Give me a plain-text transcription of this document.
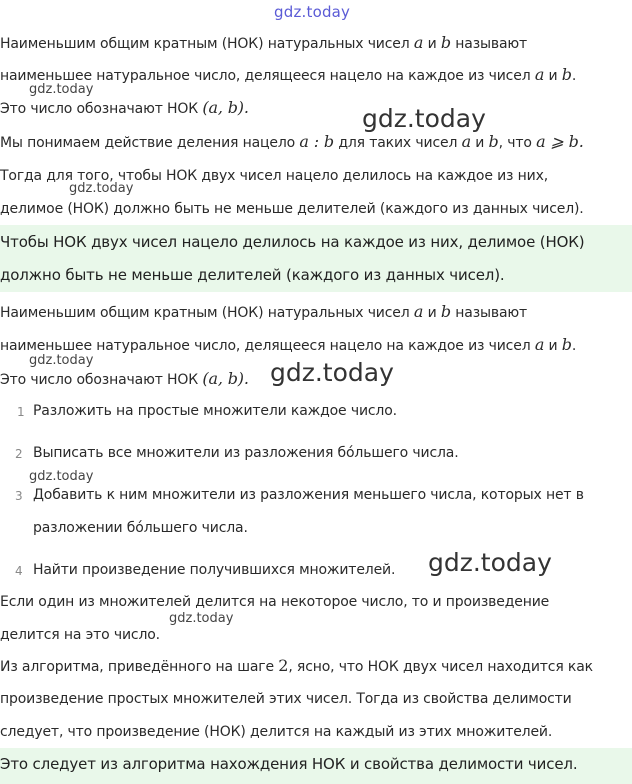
gdz.today
Наименьшим общим кратным (НОК) натуральных чисел a и b называют
наименьшее натуральное число, делящееся нацело на каждое из чисел a и b.
gdz.today
Это число обозначают НОК (a, b).	gdz.today
Мы понимаем действие деления нацело a : b для таких чисел a и b, что a ⩾ b.
Тогда для того, чтобы НОК двух чисел нацело делилось на каждое из них,
gdz.today
делимое (НОК) должно быть не меньше делителей (каждого из данных чисел).
Чтобы НОК двух чисел нацело делилось на каждое из них, делимое (НОК)
должно быть не меньше делителей (каждого из данных чисел).
Наименьшим общим кратным (НОК) натуральных чисел a и b называют
наименьшее натуральное число, делящееся нацело на каждое из чисел a и b.
gdz.today
Это число обозначают НОК (a, b). gdz.today
1 Разложить на простые множители каждое число.
2 Выписать все множители из разложения бóльшего числа.
gdz.today
3 Добавить к ним множители из разложения меньшего числа, которых нет в
разложении бóльшего числа.
4 Найти произведение получившихся множителей. gdz.today
Если один из множителей делится на некоторое число, то и произведение
gdz.today
делится на это число.
Из алгоритма, приведённого на шаге 2, ясно, что НОК двух чисел находится как
произведение простых множителей этих чисел. Тогда из свойства делимости
следует, что произведение (НОК) делится на каждый из этих множителей.
Это следует из алгоритма нахождения НОК и свойства делимости чисел.
